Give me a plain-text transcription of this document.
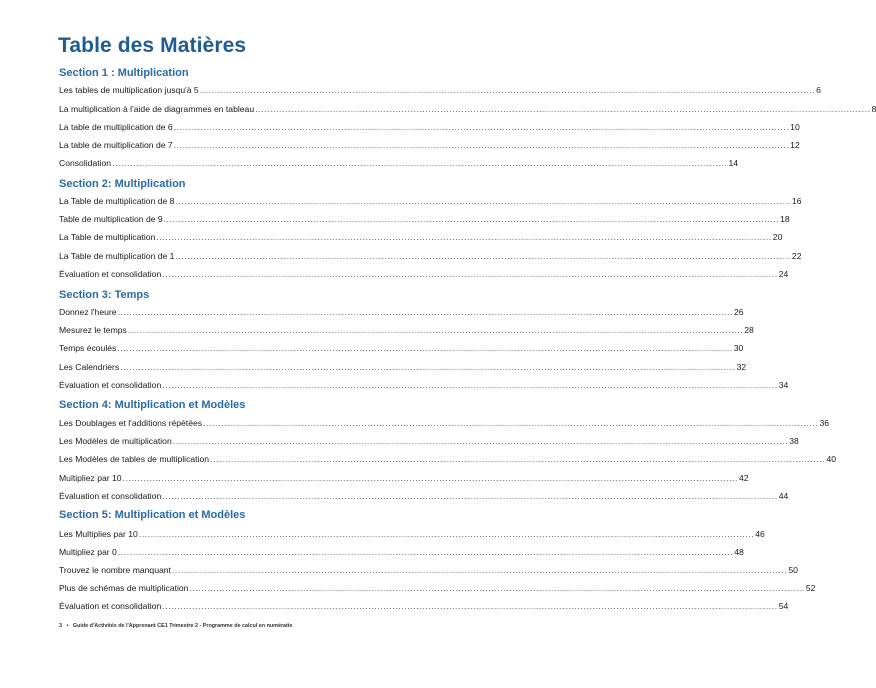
Table des Matières
Section 1 : Multiplication
Les tables de multiplication jusqu'à 5 .............................................................................................................................................................................................................. 6
La multiplication à l'aide de diagrammes en tableau .............................................................................................................................................................................................................. 8
La table de multiplication de 6 .............................................................................................................................................................................................................. 10
La table de multiplication de 7 .............................................................................................................................................................................................................. 12
Consolidation .............................................................................................................................................................................................................. 14
Section 2: Multiplication
La Table de multiplication de 8 .............................................................................................................................................................................................................. 16
Table de multiplication de 9 .............................................................................................................................................................................................................. 18
La Table de multiplication .............................................................................................................................................................................................................. 20
La Table de multiplication de 1 .............................................................................................................................................................................................................. 22
Évaluation et consolidation .............................................................................................................................................................................................................. 24
Section 3: Temps
Donnez l'heure .............................................................................................................................................................................................................. 26
Mesurez le temps .............................................................................................................................................................................................................. 28
Temps écoulés .............................................................................................................................................................................................................. 30
Les Calendriers .............................................................................................................................................................................................................. 32
Évaluation et consolidation .............................................................................................................................................................................................................. 34
Section 4: Multiplication et Modèles
Les Doublages et l'additions répétées .............................................................................................................................................................................................................. 36
Les Modèles de multiplication .............................................................................................................................................................................................................. 38
Les Modèles de tables de multiplication .............................................................................................................................................................................................................. 40
Multipliez par 10 .............................................................................................................................................................................................................. 42
Évaluation et consolidation .............................................................................................................................................................................................................. 44
Section 5: Multiplication et Modèles
Les Multiplies par 10 .............................................................................................................................................................................................................. 46
Multipliez par 0 .............................................................................................................................................................................................................. 48
Trouvez le nombre manquant .............................................................................................................................................................................................................. 50
Plus de schémas de multiplication .............................................................................................................................................................................................................. 52
Évaluation et consolidation .............................................................................................................................................................................................................. 54
3 • Guide d'Activités de l'Apprenant CE1 Trimestre 2 - Programme de calcul en numératie
